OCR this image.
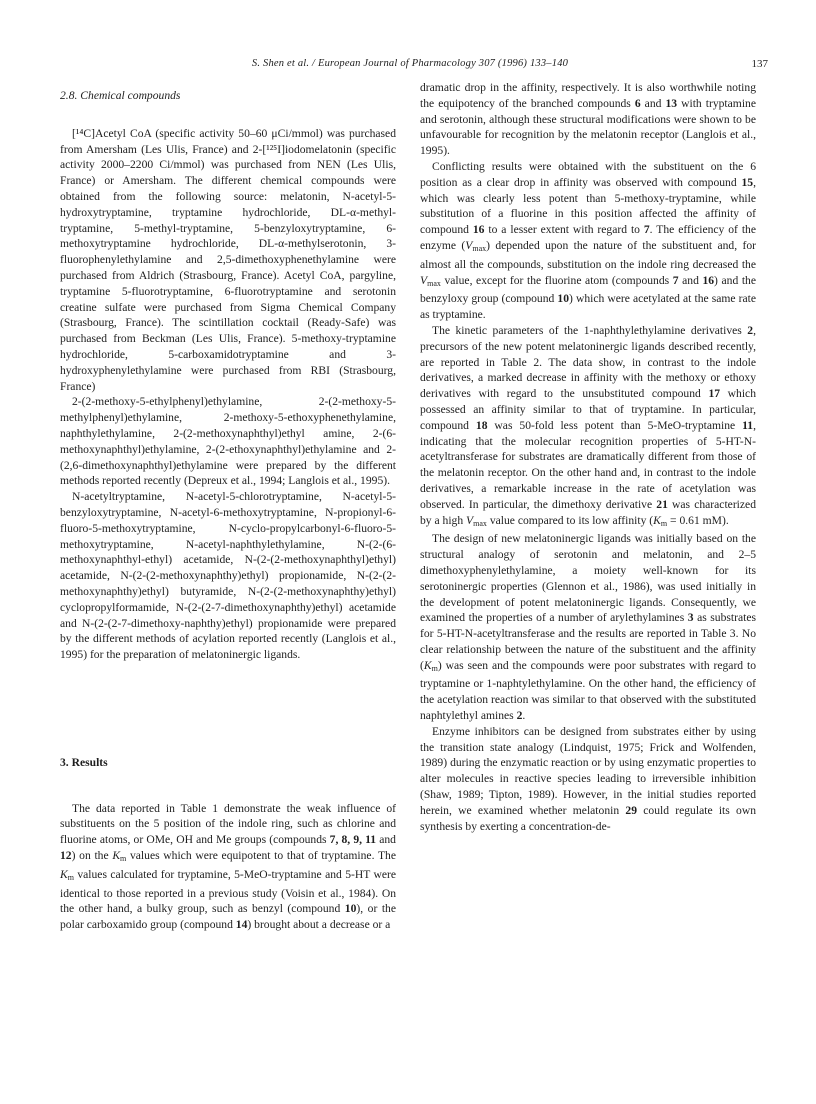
S. Shen et al. / European Journal of Pharmacology 307 (1996) 133–140	137

2.8. Chemical compounds

[¹⁴C]Acetyl CoA (specific activity 50–60 μCi/mmol) was purchased from Amersham (Les Ulis, France) and 2-[¹²⁵I]iodomelatonin (specific activity 2000–2200 Ci/mmol) was purchased from NEN (Les Ulis, France) or Amersham. The different chemical compounds were obtained from the following source: melatonin, N-acetyl-5-hydroxytryptamine, tryptamine hydrochloride, DL-α-methyl-tryptamine, 5-methyl-tryptamine, 5-benzyloxytryptamine, 6-methoxytryptamine hydrochloride, DL-α-methylserotonin, 3-fluorophenylethylamine and 2,5-dimethoxyphenethylamine were purchased from Aldrich (Strasbourg, France). Acetyl CoA, pargyline, tryptamine 5-fluorotryptamine, 6-fluorotryptamine and serotonin creatine sulfate were purchased from Sigma Chemical Company (Strasbourg, France). The scintillation cocktail (Ready-Safe) was purchased from Beckman (Les Ulis, France). 5-methoxy-tryptamine hydrochloride, 5-carboxamidotryptamine and 3-hydroxyphenylethylamine were purchased from RBI (Strasbourg, France)

2-(2-methoxy-5-ethylphenyl)ethylamine, 2-(2-methoxy-5-methylphenyl)ethylamine, 2-methoxy-5-ethoxyphenethylamine, naphthylethylamine, 2-(2-methoxynaphthyl)ethyl amine, 2-(6-methoxynaphthyl)ethylamine, 2-(2-ethoxynaphthyl)ethylamine and 2-(2,6-dimethoxynaphthyl)ethylamine were prepared by the different methods reported recently (Depreux et al., 1994; Langlois et al., 1995).

N-acetyltryptamine, N-acetyl-5-chlorotryptamine, N-acetyl-5-benzyloxytryptamine, N-acetyl-6-methoxytryptamine, N-propionyl-6-fluoro-5-methoxytryptamine, N-cyclo-propylcarbonyl-6-fluoro-5-methoxytryptamine, N-acetyl-naphthylethylamine, N-(2-(6-methoxynaphthyl-ethyl) acetamide, N-(2-(2-methoxynaphthyl)ethyl) acetamide, N-(2-(2-methoxynaphthy)ethyl) propionamide, N-(2-(2-methoxynaphthy)ethyl) butyramide, N-(2-(2-methoxynaphthy)ethyl) cyclopropylformamide, N-(2-(2-7-dimethoxynaphthy)ethyl) acetamide and N-(2-(2-7-dimethoxy-naphthy)ethyl) propionamide were prepared by the different methods of acylation reported recently (Langlois et al., 1995) for the preparation of melatoninergic ligands.

3. Results

The data reported in Table 1 demonstrate the weak influence of substituents on the 5 position of the indole ring, such as chlorine and fluorine atoms, or OMe, OH and Me groups (compounds 7, 8, 9, 11 and 12) on the $K_m$ values which were equipotent to that of tryptamine. The $K_m$ values calculated for tryptamine, 5-MeO-tryptamine and 5-HT were identical to those reported in a previous study (Voisin et al., 1984). On the other hand, a bulky group, such as benzyl (compound 10), or the polar carboxamido group (compound 14) brought about a decrease or a

dramatic drop in the affinity, respectively. It is also worthwhile noting the equipotency of the branched compounds 6 and 13 with tryptamine and serotonin, although these structural modifications were shown to be unfavourable for recognition by the melatonin receptor (Langlois et al., 1995).

Conflicting results were obtained with the substituent on the 6 position as a clear drop in affinity was observed with compound 15, which was clearly less potent than 5-methoxy-tryptamine, while substitution of a fluorine in this position affected the affinity of compound 16 to a lesser extent with regard to 7. The efficiency of the enzyme $(V_{max})$ depended upon the nature of the substituent and, for almost all the compounds, substitution on the indole ring decreased the $V_{max}$ value, except for the fluorine atom (compounds 7 and 16) and the benzyloxy group (compound 10) which were acetylated at the same rate as tryptamine.

The kinetic parameters of the 1-naphthylethylamine derivatives 2, precursors of the new potent melatoninergic ligands described recently, are reported in Table 2. The data show, in contrast to the indole derivatives, a marked decrease in affinity with the methoxy or ethoxy derivatives with regard to the unsubstituted compound 17 which possessed an affinity similar to that of tryptamine. In particular, compound 18 was 50-fold less potent than 5-MeO-tryptamine 11, indicating that the molecular recognition properties of 5-HT-N-acetyltransferase for substrates are dramatically different from those of the melatonin receptor. On the other hand and, in contrast to the indole derivatives, a remarkable increase in the rate of acetylation was observed. In particular, the dimethoxy derivative 21 was characterized by a high $V_{max}$ value compared to its low affinity ($K_m = 0.61$ mM).

The design of new melatoninergic ligands was initially based on the structural analogy of serotonin and melatonin, and 2–5 dimethoxyphenylethylamine, a moiety well-known for its serotoninergic properties (Glennon et al., 1986), was used initially in the development of potent melatoninergic ligands. Consequently, we examined the properties of a number of arylethylamines 3 as substrates for 5-HT-N-acetyltransferase and the results are reported in Table 3. No clear relationship between the nature of the substituent and the affinity $(K_m)$ was seen and the compounds were poor substrates with regard to tryptamine or 1-naphtylethylamine. On the other hand, the efficiency of the acetylation reaction was similar to that observed with the substituted naphtylethyl amines 2.

Enzyme inhibitors can be designed from substrates either by using the transition state analogy (Lindquist, 1975; Frick and Wolfenden, 1989) during the enzymatic reaction or by using enzymatic properties to alter molecules in reactive species leading to irreversible inhibition (Shaw, 1989; Tipton, 1989). However, in the initial studies reported herein, we examined whether melatonin 29 could regulate its own synthesis by exerting a concentration-de-
